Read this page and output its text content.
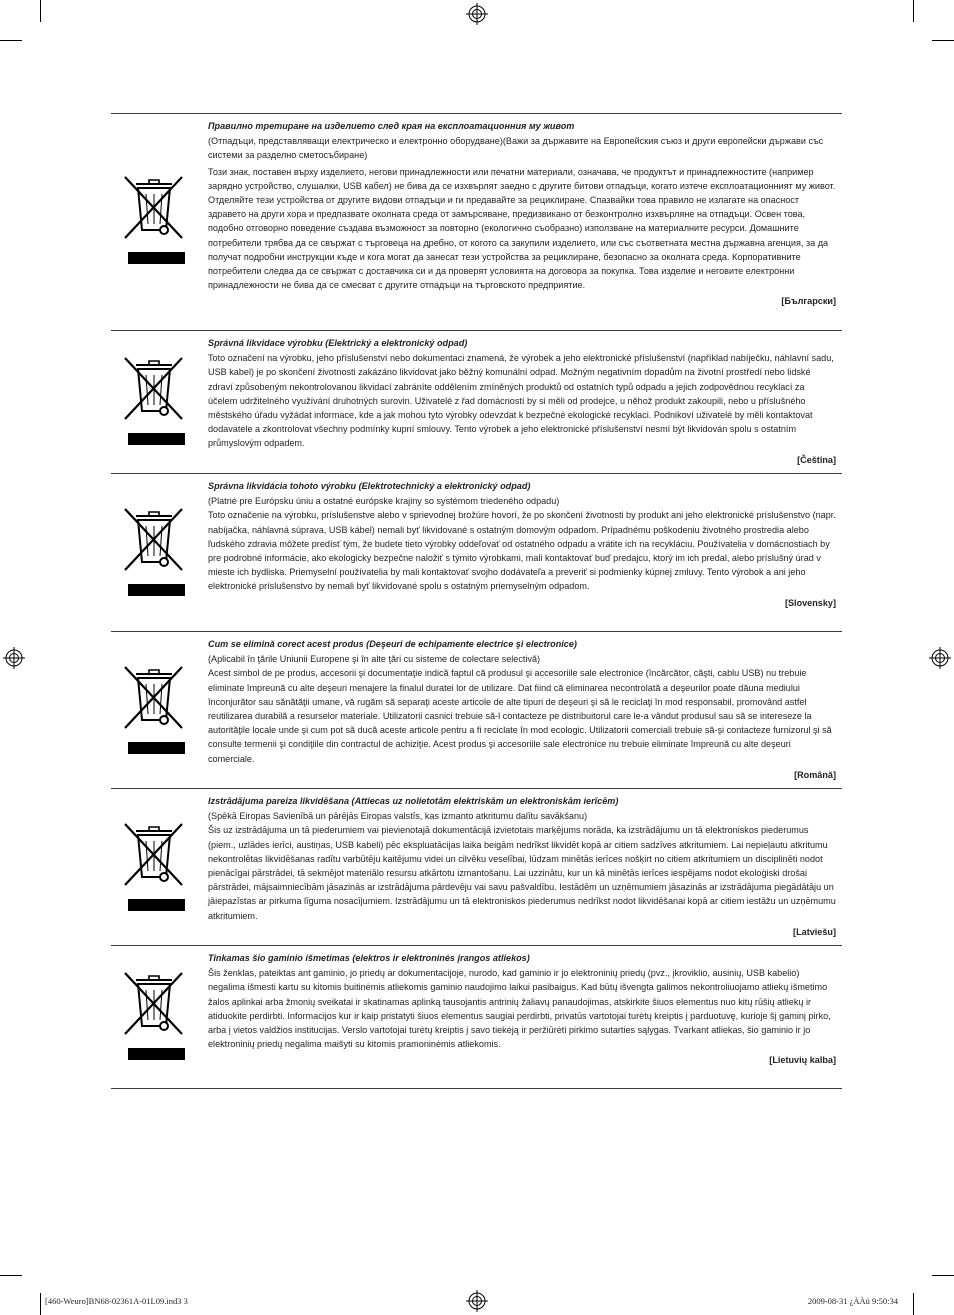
Правилно третиране на изделието след края на експлоатационния му живот

(Отпадъци, представляващи електрическо и електронно оборудване)(Важи за държавите на Европейския съюз и други европейски държави със системи за разделно сметосъбиране)

Този знак, поставен върху изделието, негови принадлежности или печатни материали, означава, че продуктът и принадлежностите (например зарядно устройство, слушалки, USB кабел) не бива да се изхвърлят заедно с другите битови отпадъци, когато изтече експлоатационният му живот. Отделяйте тези устройства от другите видови отпадъци и ги предавайте за рециклиране. Спазвайки това правило не излагате на опасност здравето на други хора и предпазвате околната среда от замърсяване, предизвикано от безконтролно изхвърляне на отпадъци. Освен това, подобно отговорно поведение създава възможност за повторно (екологично съобразно) използване на материалните ресурси. Домашните потребители трябва да се свържат с търговеца на дребно, от когото са закупили изделието, или със съответната местна държавна агенция, за да получат подробни инструкции къде и кога могат да занесат тези устройства за рециклиране, безопасно за околната среда. Корпоративните потребители следва да се свържат с доставчика си и да проверят условията на договора за покупка. Това изделие и неговите електронни принадлежности не бива да се смесват с другите отпадъци на търговското предприятие.

[Български]

Správná likvidace výrobku (Elektrický a elektronický odpad)

Toto označení na výrobku, jeho příslušenství nebo dokumentaci znamená, že výrobek a jeho elektronické příslušenství (například nabíječku, náhlavní sadu, USB kabel) je po skončení životnosti zakázáno likvidovat jako běžný komunální odpad. Možným negativním dopadům na životní prostředí nebo lidské zdraví způsobeným nekontrolovanou likvidací zabráníte oddělením zmíněných produktů od ostatních typů odpadu a jejich zodpovědnou recyklací za účelem udržitelného využívání druhotných surovin. Uživatelé z řad domácností by si měli od prodejce, u něhož produkt zakoupili, nebo u příslušného městského úřadu vyžádat informace, kde a jak mohou tyto výrobky odevzdat k bezpečné ekologické recyklaci. Podnikoví uživatelé by měli kontaktovat dodavatele a zkontrolovat všechny podmínky kupní smlouvy. Tento výrobek a jeho elektronické příslušenství nesmí být likvidován spolu s ostatním průmyslovým odpadem.

[Čeština]

Správna likvidácia tohoto výrobku (Elektrotechnický a elektronický odpad)

(Platné pre Európsku úniu a ostatné európske krajiny so systémom triedeného odpadu)

Toto označenie na výrobku, príslušenstve alebo v sprievodnej brožúre hovorí, že po skončení životnosti by produkt ani jeho elektronické príslušenstvo (napr. nabíjačka, náhlavná súprava, USB kábel) nemali byť likvidované s ostatným domovým odpadom. Prípadnému poškodeniu životného prostredia alebo ľudského zdravia môžete predísť tým, že budete tieto výrobky oddeľovať od ostatného odpadu a vrátite ich na recykláciu. Používatelia v domácnostiach by pre podrobné informácie, ako ekologicky bezpečne naložiť s týmito výrobkami, mali kontaktovať buď predajcu, ktorý im ich predal, alebo príslušný úrad v mieste ich bydliska. Priemyselní používatelia by mali kontaktovať svojho dodávateľa a preveriť si podmienky kúpnej zmluvy. Tento výrobok a ani jeho elektronické príslušenstvo by nemali byť likvidované spolu s ostatným priemyselným odpadom.

[Slovensky]

Cum se elimină corect acest produs (Deşeuri de echipamente electrice şi electronice)

(Aplicabil în ţările Uniunii Europene şi în alte ţări cu sisteme de colectare selectivă)

Acest simbol de pe produs, accesorii şi documentaţie indică faptul că produsul şi accesoriile sale electronice (încărcător, căşti, cablu USB) nu trebuie eliminate împreună cu alte deşeuri menajere la finalul duratei lor de utilizare. Dat fiind că eliminarea necontrolată a deşeurilor poate dăuna mediului înconjurător sau sănătăţii umane, vă rugăm să separaţi aceste articole de alte tipuri de deşeuri şi să le reciclaţi în mod responsabil, promovând astfel reutilizarea durabilă a resurselor materiale. Utilizatorii casnici trebuie să-l contacteze pe distribuitorul care le-a vândut produsul sau să se intereseze la autorităţile locale unde şi cum pot să ducă aceste articole pentru a fi reciclate în mod ecologic. Utilizatorii comerciali trebuie să-şi contacteze furnizorul şi să consulte termenii şi condiţiile din contractul de achiziţie. Acest produs şi accesoriile sale electronice nu trebuie eliminate împreună cu alte deşeuri comerciale.

[Română]

Izstrādājuma pareiza likvidēšana (Attiecas uz nolietotām elektriskām un elektroniskām ierīcēm)

(Spēkā Eiropas Savienībā un pārējās Eiropas valstīs, kas izmanto atkritumu dalītu savākšanu)

Šis uz izstrādājuma un tā piederumiem vai pievienotajā dokumentācijā izvietotais marķējums norāda, ka izstrādājumu un tā elektroniskos piederumus (piem., uzlādes ierīci, austiņas, USB kabeli) pēc ekspluatācijas laika beigām nedrīkst likvidēt kopā ar citiem sadzīves atkritumiem. Lai nepieļautu atkritumu nekontrolētas likvidēšanas radītu varbūtēju kaitējumu videi un cilvēku veselībai, lūdzam minētās ierīces nošķirt no citiem atkritumiem un disciplinēti nodot pienācīgai pārstrādei, tā sekmējot materiālo resursu atkārtotu izmantošanu. Lai uzzinātu, kur un kā minētās ierīces iespējams nodot ekoloģiski drošai pārstrādei, mājsaimniecībām jāsazinās ar izstrādājuma pārdevēju vai savu pašvaldību. Iestādēm un uzņēmumiem jāsazinās ar izstrādājuma piegādātāju un jāiepazīstas ar pirkuma līguma nosacījumiem. Izstrādājumu un tā elektroniskos piederumus nedrīkst nodot likvidēšanai kopā ar citiem iestāžu un uzņēmumu atkritumiem.

[Latviešu]

Tinkamas šio gaminio išmetimas (elektros ir elektroninės įrangos atliekos)

Šis ženklas, pateiktas ant gaminio, jo priedų ar dokumentacijoje, nurodo, kad gaminio ir jo elektroninių priedų (pvz., įkroviklio, ausinių, USB kabelio) negalima išmesti kartu su kitomis buitinėmis atliekomis gaminio naudojimo laikui pasibaigus. Kad būtų išvengta galimos nekontroliuojamo atliekų išmetimo žalos aplinkai arba žmonių sveikatai ir skatinamas aplinką tausojantis antrinių žaliavų panaudojimas, atskirkite šiuos elementus nuo kitų rūšių atliekų ir atiduokite perdirbti. Informacijos kur ir kaip pristatyti šiuos elementus saugiai perdirbti, privatūs vartotojai turėtų kreiptis į parduotuvę, kurioje šį gaminį pirko, arba į vietos valdžios institucijas. Verslo vartotojai turėtų kreiptis į savo tiekėją ir peržiūrėti pirkimo sutarties sąlygas. Tvarkant atliekas, šio gaminio ir jo elektroninių priedų negalima maišyti su kitomis pramoninėmis atliekomis.

[Lietuvių kalba]

[460-Weuro]BN68-02361A-01L09.ind3 3	2009-08-31 ¿ÀÀü 9:50:34
